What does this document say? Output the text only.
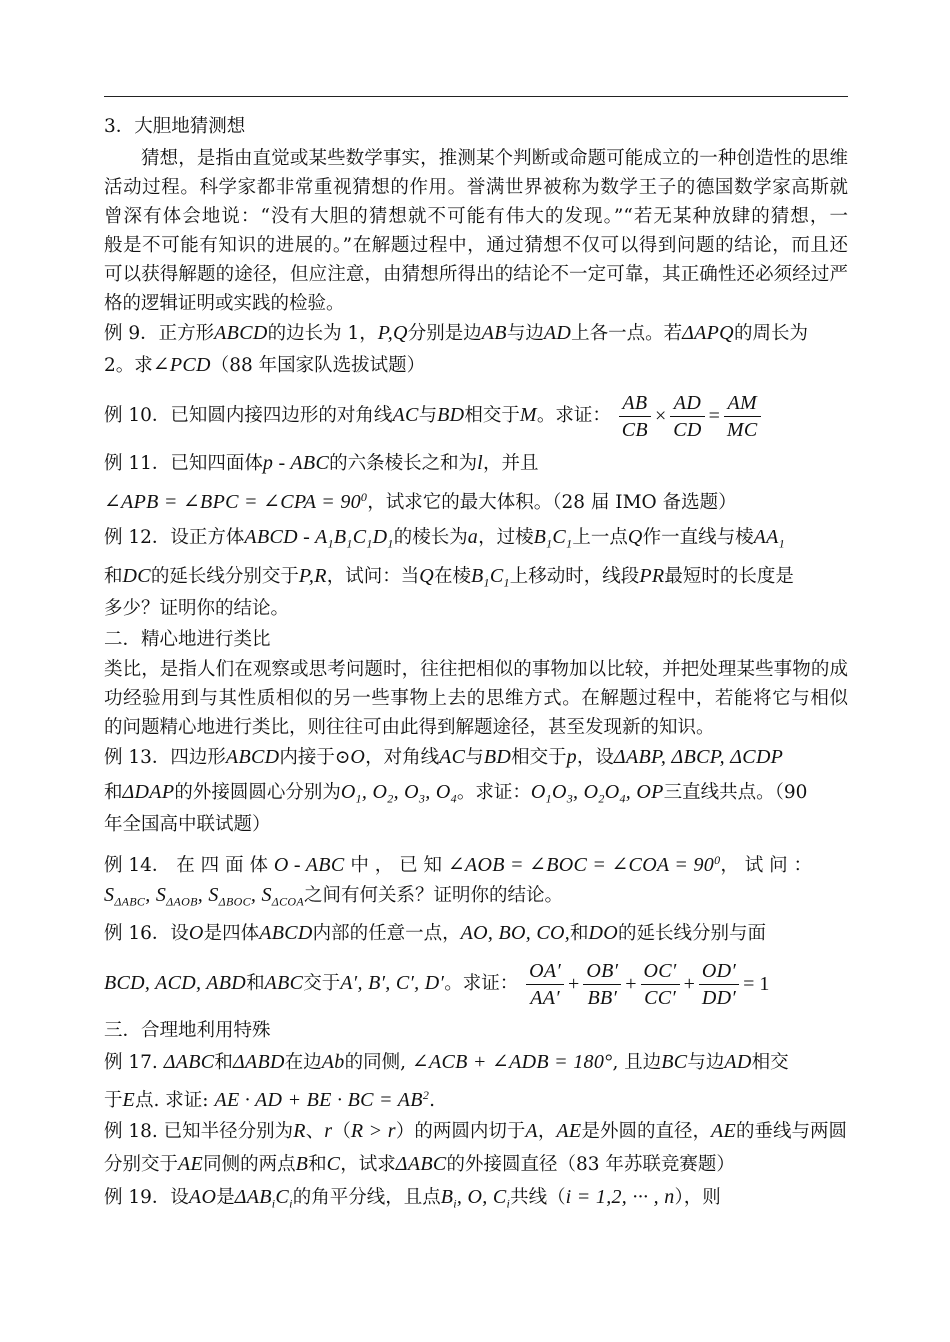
3．大胆地猜测想
猜想，是指由直觉或某些数学事实，推测某个判断或命题可能成立的一种创造性的思维
活动过程。科学家都非常重视猜想的作用。誉满世界被称为数学王子的德国数学家高斯就
曾深有体会地说：“没有大胆的猜想就不可能有伟大的发现。”“若无某种放肆的猜想，一
般是不可能有知识的进展的。”在解题过程中，通过猜想不仅可以得到问题的结论，而且还
可以获得解题的途径，但应注意，由猜想所得出的结论不一定可靠，其正确性还必须经过严
格的逻辑证明或实践的检验。
例 9．正方形ABCD的边长为 1，P,Q分别是边AB与边AD上各一点。若ΔAPQ的周长为
2。求∠PCD（88 年国家队选拔试题）
例 10．已知圆内接四边形的对角线AC与BD相交于M。求证： $\frac{AB}{CB} \times \frac{AD}{CD} = \frac{AM}{MC}$
例 11．已知四面体p - ABC的六条棱长之和为l，并且
∠APB = ∠BPC = ∠CPA = $90^0$，试求它的最大体积。（28 届 IMO 备选题）
例 12．设正方体ABCD - $A_1B_1C_1D_1$的棱长为a，过棱$B_1C_1$上一点Q作一直线与棱$AA_1$
和DC的延长线分别交于P,R，试问：当Q在棱$B_1C_1$上移动时，线段PR最短时的长度是
多少？证明你的结论。
二．精心地进行类比
类比，是指人们在观察或思考问题时，往往把相似的事物加以比较，并把处理某些事物的成
功经验用到与其性质相似的另一些事物上去的思维方式。在解题过程中，若能将它与相似
的问题精心地进行类比，则往往可由此得到解题途径，甚至发现新的知识。
例 13．四边形ABCD内接于⊙O，对角线AC与BD相交于p，设ΔABP, ΔBCP, ΔCDP
和ΔDAP的外接圆圆心分别为$O_1$, $O_2$, $O_3$, $O_4$。求证：$O_1O_3$, $O_2O_4$, OP三直线共点。（90
年全国高中联试题）
例 14． 在 四 面 体 O - ABC 中 ， 已 知 ∠AOB = ∠BOC = ∠COA = $90^0$， 试 问 ：
$S_{\Delta ABC}$, $S_{\Delta AOB}$, $S_{\Delta BOC}$, $S_{\Delta COA}$之间有何关系？证明你的结论。
例 16．设O是四体ABCD内部的任意一点，AO, BO, CO,和DO的延长线分别与面
BCD, ACD, ABD和ABC交于A′, B′, C′, D′。求证： $\frac{OA'}{AA'} + \frac{OB'}{BB'} + \frac{OC'}{CC'} + \frac{OD'}{DD'} = 1$
三．合理地利用特殊
例 17. ΔABC和ΔABD在边Ab的同侧, ∠ACB + ∠ADB = 180°, 且边BC与边AD相交
于E点. 求证: AE · AD + BE · BC = $AB^2$.
例 18. 已知半径分别为R、r（R > r）的两圆内切于A，AE是外圆的直径，AE的垂线与两圆
分别交于AE同侧的两点B和C，试求ΔABC的外接圆直径（83 年苏联竞赛题）
例 19．设AO是$\Delta AB_iC_i$的角平分线，且点$B_i$, O, $C_i$共线（i = 1,2, ··· , n），则
